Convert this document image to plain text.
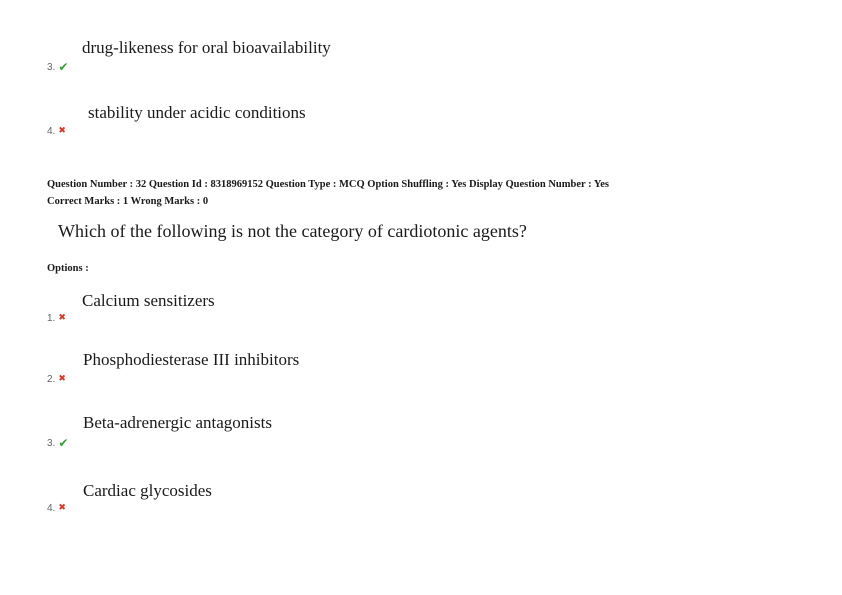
drug-likeness for oral bioavailability
3. ✔
stability under acidic conditions
4. ✖
Question Number : 32 Question Id : 8318969152 Question Type : MCQ Option Shuffling : Yes Display Question Number : Yes
Correct Marks : 1 Wrong Marks : 0
Which of the following is not the category of cardiotonic agents?
Options :
Calcium sensitizers
1. ✖
Phosphodiesterase III inhibitors
2. ✖
Beta-adrenergic antagonists
3. ✔
Cardiac glycosides
4. ✖
